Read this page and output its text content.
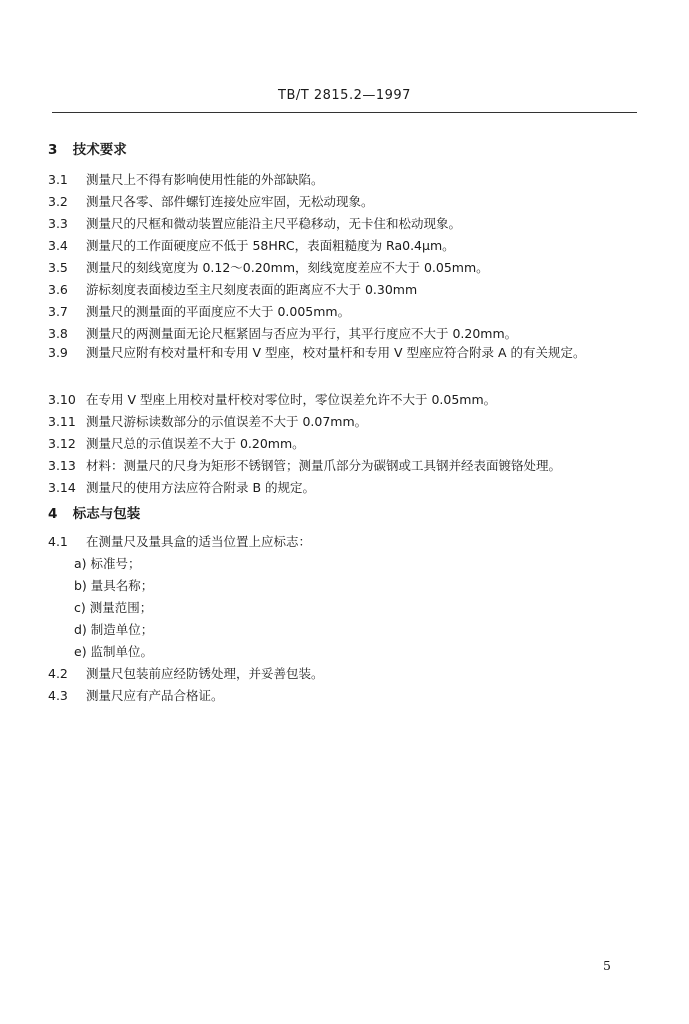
TB/T 2815.2—1997
3 技术要求
3.1 测量尺上不得有影响使用性能的外部缺陷。
3.2 测量尺各零、部件螺钉连接处应牢固，无松动现象。
3.3 测量尺的尺框和微动装置应能沿主尺平稳移动，无卡住和松动现象。
3.4 测量尺的工作面硬度应不低于 58HRC，表面粗糙度为 Ra0.4μm。
3.5 测量尺的刻线宽度为 0.12～0.20mm，刻线宽度差应不大于 0.05mm。
3.6 游标刻度表面棱边至主尺刻度表面的距离应不大于 0.30mm
3.7 测量尺的测量面的平面度应不大于 0.005mm。
3.8 测量尺的两测量面无论尺框紧固与否应为平行，其平行度应不大于 0.20mm。
3.9 测量尺应附有校对量杆和专用 V 型座，校对量杆和专用 V 型座应符合附录 A 的有关规定。
3.10 在专用 V 型座上用校对量杆校对零位时，零位误差允许不大于 0.05mm。
3.11 测量尺游标读数部分的示值误差不大于 0.07mm。
3.12 测量尺总的示值误差不大于 0.20mm。
3.13 材料：测量尺的尺身为矩形不锈钢管；测量爪部分为碳钢或工具钢并经表面镀铬处理。
3.14 测量尺的使用方法应符合附录 B 的规定。
4 标志与包装
4.1 在测量尺及量具盒的适当位置上应标志：
a) 标准号；
b) 量具名称；
c) 测量范围；
d) 制造单位；
e) 监制单位。
4.2 测量尺包装前应经防锈处理，并妥善包装。
4.3 测量尺应有产品合格证。
5
